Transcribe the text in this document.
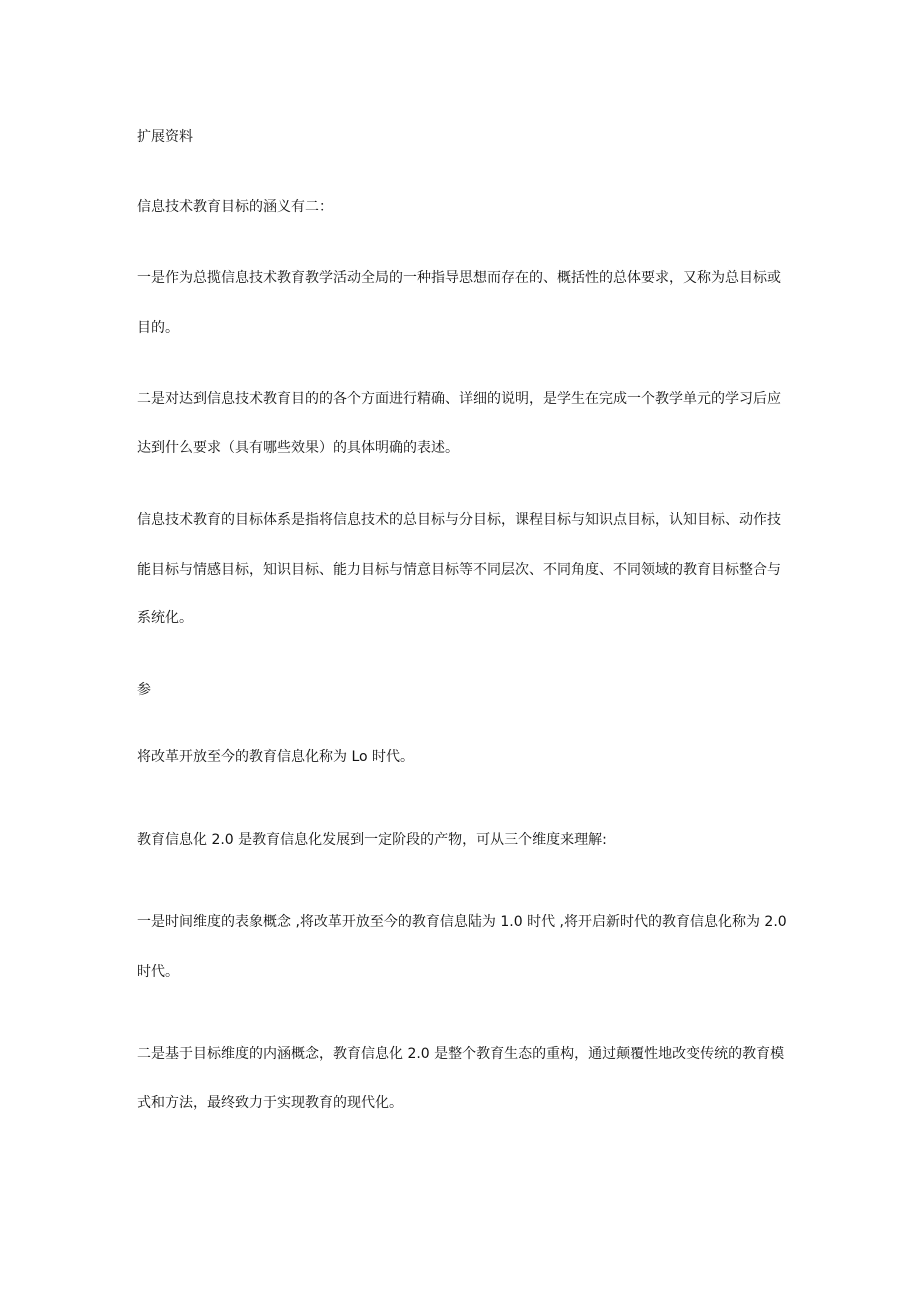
扩展资料
信息技术教育目标的涵义有二：
一是作为总揽信息技术教育教学活动全局的一种指导思想而存在的、概括性的总体要求，又称为总目标或
目的。
二是对达到信息技术教育目的的各个方面进行精确、详细的说明，是学生在完成一个教学单元的学习后应
达到什么要求（具有哪些效果）的具体明确的表述。
信息技术教育的目标体系是指将信息技术的总目标与分目标，课程目标与知识点目标，认知目标、动作技
能目标与情感目标，知识目标、能力目标与情意目标等不同层次、不同角度、不同领域的教育目标整合与
系统化。
参
将改革开放至今的教育信息化称为 Lo 时代。
教育信息化 2.0 是教育信息化发展到一定阶段的产物，可从三个维度来理解:
一是时间维度的表象概念 ,将改革开放至今的教育信息陆为 1.0 时代 ,将开启新时代的教育信息化称为 2.0
时代。
二是基于目标维度的内涵概念，教育信息化 2.0 是整个教育生态的重构，通过颠覆性地改变传统的教育模
式和方法，最终致力于实现教育的现代化。
